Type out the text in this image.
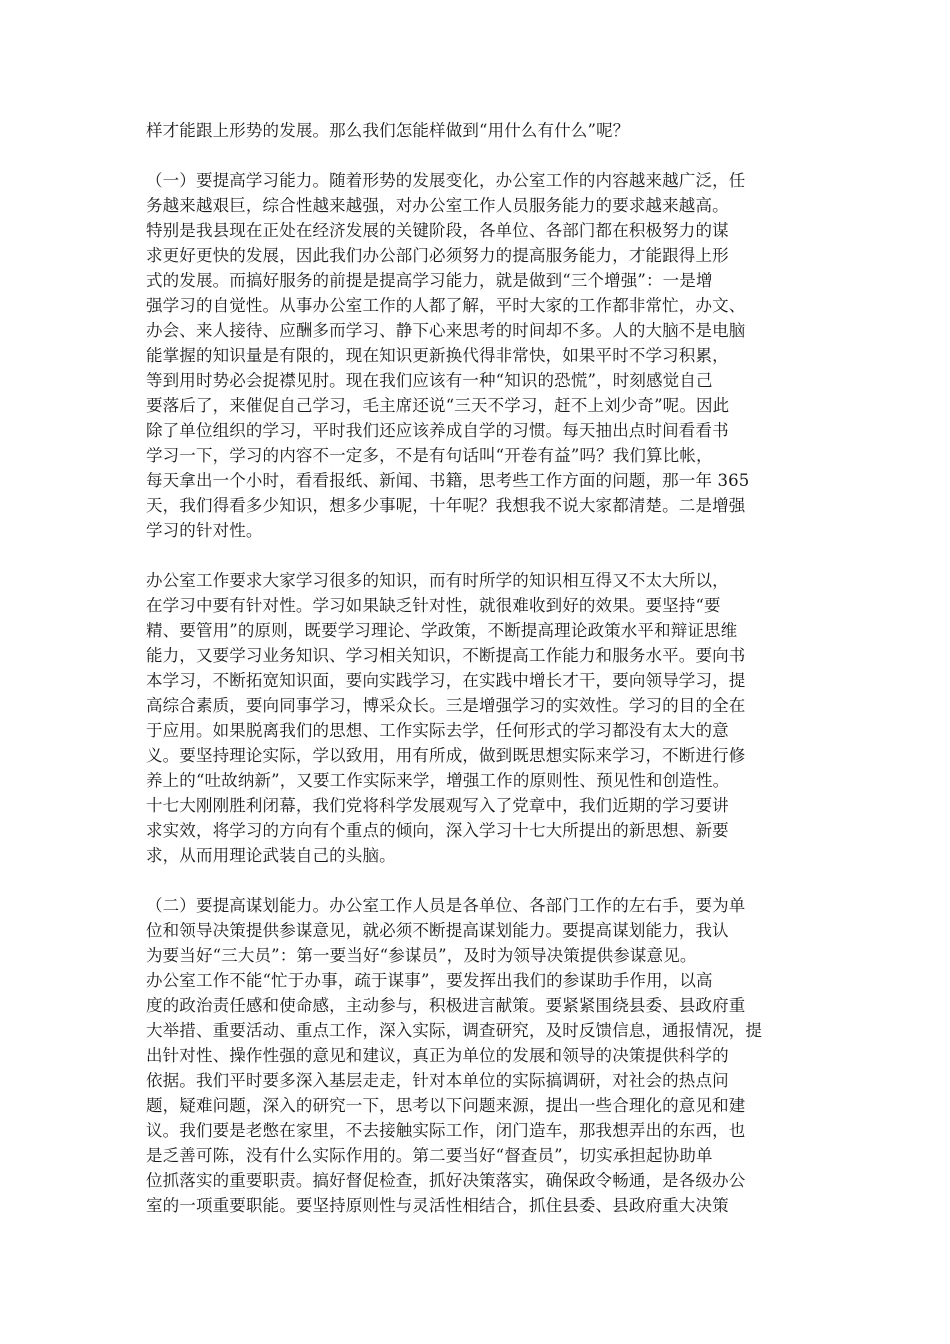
样才能跟上形势的发展。那么我们怎能样做到“用什么有什么”呢？
（一）要提高学习能力。随着形势的发展变化，办公室工作的内容越来越广泛，任
务越来越艰巨，综合性越来越强，对办公室工作人员服务能力的要求越来越高。
特别是我县现在正处在经济发展的关键阶段，各单位、各部门都在积极努力的谋
求更好更快的发展，因此我们办公部门必须努力的提高服务能力，才能跟得上形
式的发展。而搞好服务的前提是提高学习能力，就是做到“三个增强”：一是增
强学习的自觉性。从事办公室工作的人都了解，平时大家的工作都非常忙，办文、
办会、来人接待、应酬多而学习、静下心来思考的时间却不多。人的大脑不是电脑
能掌握的知识量是有限的，现在知识更新换代得非常快，如果平时不学习积累，
等到用时势必会捉襟见肘。现在我们应该有一种“知识的恐慌”，时刻感觉自己
要落后了，来催促自己学习，毛主席还说“三天不学习，赶不上刘少奇”呢。因此
除了单位组织的学习，平时我们还应该养成自学的习惯。每天抽出点时间看看书
学习一下，学习的内容不一定多，不是有句话叫“开卷有益”吗？我们算比帐，
每天拿出一个小时，看看报纸、新闻、书籍，思考些工作方面的问题，那一年 365
天，我们得看多少知识，想多少事呢，十年呢？我想我不说大家都清楚。二是增强
学习的针对性。
办公室工作要求大家学习很多的知识，而有时所学的知识相互得又不太大所以，
在学习中要有针对性。学习如果缺乏针对性，就很难收到好的效果。要坚持“要
精、要管用”的原则，既要学习理论、学政策，不断提高理论政策水平和辩证思维
能力，又要学习业务知识、学习相关知识，不断提高工作能力和服务水平。要向书
本学习，不断拓宽知识面，要向实践学习，在实践中增长才干，要向领导学习，提
高综合素质，要向同事学习，博采众长。三是增强学习的实效性。学习的目的全在
于应用。如果脱离我们的思想、工作实际去学，任何形式的学习都没有太大的意
义。要坚持理论实际，学以致用，用有所成，做到既思想实际来学习，不断进行修
养上的“吐故纳新”，又要工作实际来学，增强工作的原则性、预见性和创造性。
十七大刚刚胜利闭幕，我们党将科学发展观写入了党章中，我们近期的学习要讲
求实效，将学习的方向有个重点的倾向，深入学习十七大所提出的新思想、新要
求，从而用理论武装自己的头脑。
（二）要提高谋划能力。办公室工作人员是各单位、各部门工作的左右手，要为单
位和领导决策提供参谋意见，就必须不断提高谋划能力。要提高谋划能力，我认
为要当好“三大员”：第一要当好“参谋员”，及时为领导决策提供参谋意见。
办公室工作不能“忙于办事，疏于谋事”，要发挥出我们的参谋助手作用，以高
度的政治责任感和使命感，主动参与，积极进言献策。要紧紧围绕县委、县政府重
大举措、重要活动、重点工作，深入实际，调查研究，及时反馈信息，通报情况，提
出针对性、操作性强的意见和建议，真正为单位的发展和领导的决策提供科学的
依据。我们平时要多深入基层走走，针对本单位的实际搞调研，对社会的热点问
题，疑难问题，深入的研究一下，思考以下问题来源，提出一些合理化的意见和建
议。我们要是老憋在家里，不去接触实际工作，闭门造车，那我想弄出的东西，也
是乏善可陈，没有什么实际作用的。第二要当好“督查员”，切实承担起协助单
位抓落实的重要职责。搞好督促检查，抓好决策落实，确保政令畅通，是各级办公
室的一项重要职能。要坚持原则性与灵活性相结合，抓住县委、县政府重大决策
